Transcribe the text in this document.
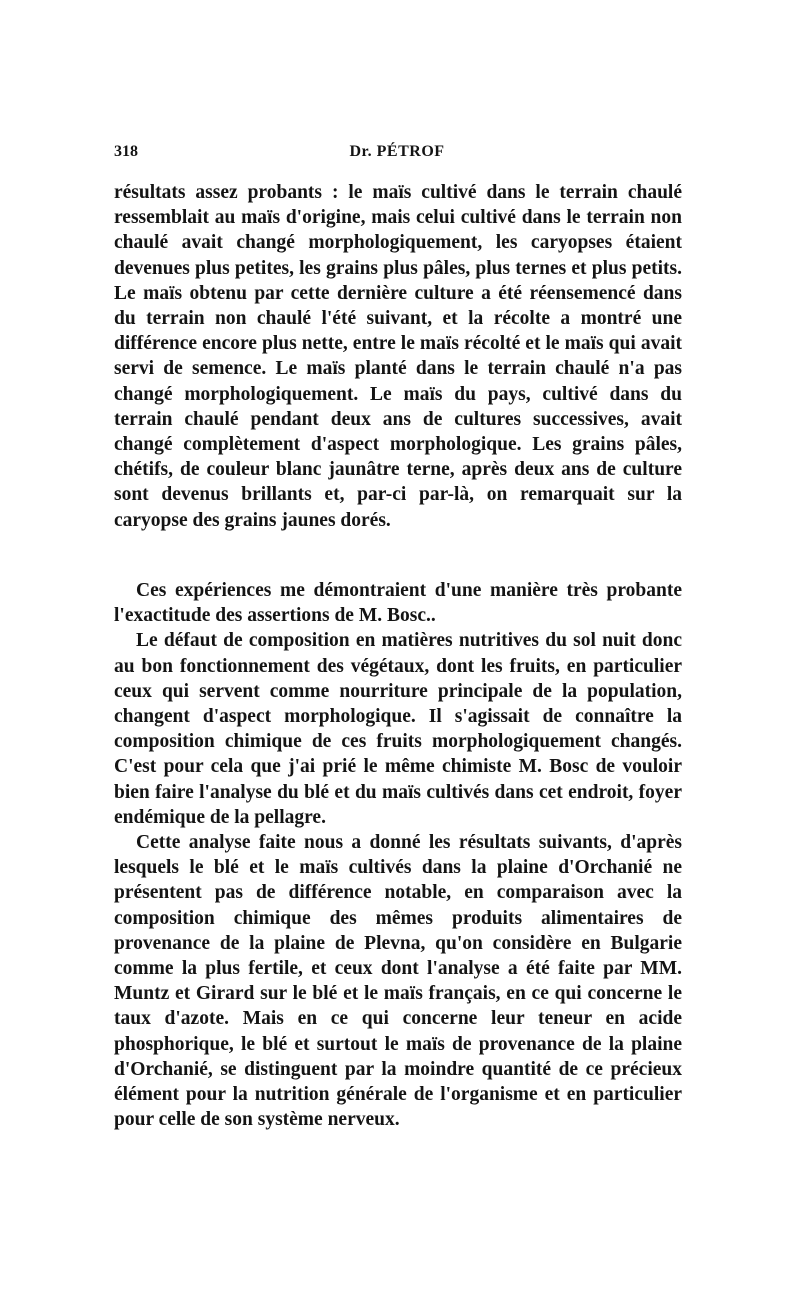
318	Dr. PÉTROF

résultats assez probants : le maïs cultivé dans le terrain chaulé ressemblait au maïs d'origine, mais celui cultivé dans le terrain non chaulé avait changé morphologiquement, les caryopses étaient devenues plus petites, les grains plus pâles, plus ternes et plus petits. Le maïs obtenu par cette dernière culture a été réensemencé dans du terrain non chaulé l'été suivant, et la récolte a montré une différence encore plus nette, entre le maïs récolté et le maïs qui avait servi de semence. Le maïs planté dans le terrain chaulé n'a pas changé morphologiquement. Le maïs du pays, cultivé dans du terrain chaulé pendant deux ans de cultures successives, avait changé complètement d'aspect morphologique. Les grains pâles, chétifs, de couleur blanc jaunâtre terne, après deux ans de culture sont devenus brillants et, par-ci par-là, on remarquait sur la caryopse des grains jaunes dorés.

Ces expériences me démontraient d'une manière très probante l'exactitude des assertions de M. Bosc..

Le défaut de composition en matières nutritives du sol nuit donc au bon fonctionnement des végétaux, dont les fruits, en particulier ceux qui servent comme nourriture principale de la population, changent d'aspect morphologique. Il s'agissait de connaître la composition chimique de ces fruits morphologiquement changés. C'est pour cela que j'ai prié le même chimiste M. Bosc de vouloir bien faire l'analyse du blé et du maïs cultivés dans cet endroit, foyer endémique de la pellagre.

Cette analyse faite nous a donné les résultats suivants, d'après lesquels le blé et le maïs cultivés dans la plaine d'Orchanié ne présentent pas de différence notable, en comparaison avec la composition chimique des mêmes produits alimentaires de provenance de la plaine de Plevna, qu'on considère en Bulgarie comme la plus fertile, et ceux dont l'analyse a été faite par MM. Muntz et Girard sur le blé et le maïs français, en ce qui concerne le taux d'azote. Mais en ce qui concerne leur teneur en acide phosphorique, le blé et surtout le maïs de provenance de la plaine d'Orchanié, se distinguent par la moindre quantité de ce précieux élément pour la nutrition générale de l'organisme et en particulier pour celle de son système nerveux.
